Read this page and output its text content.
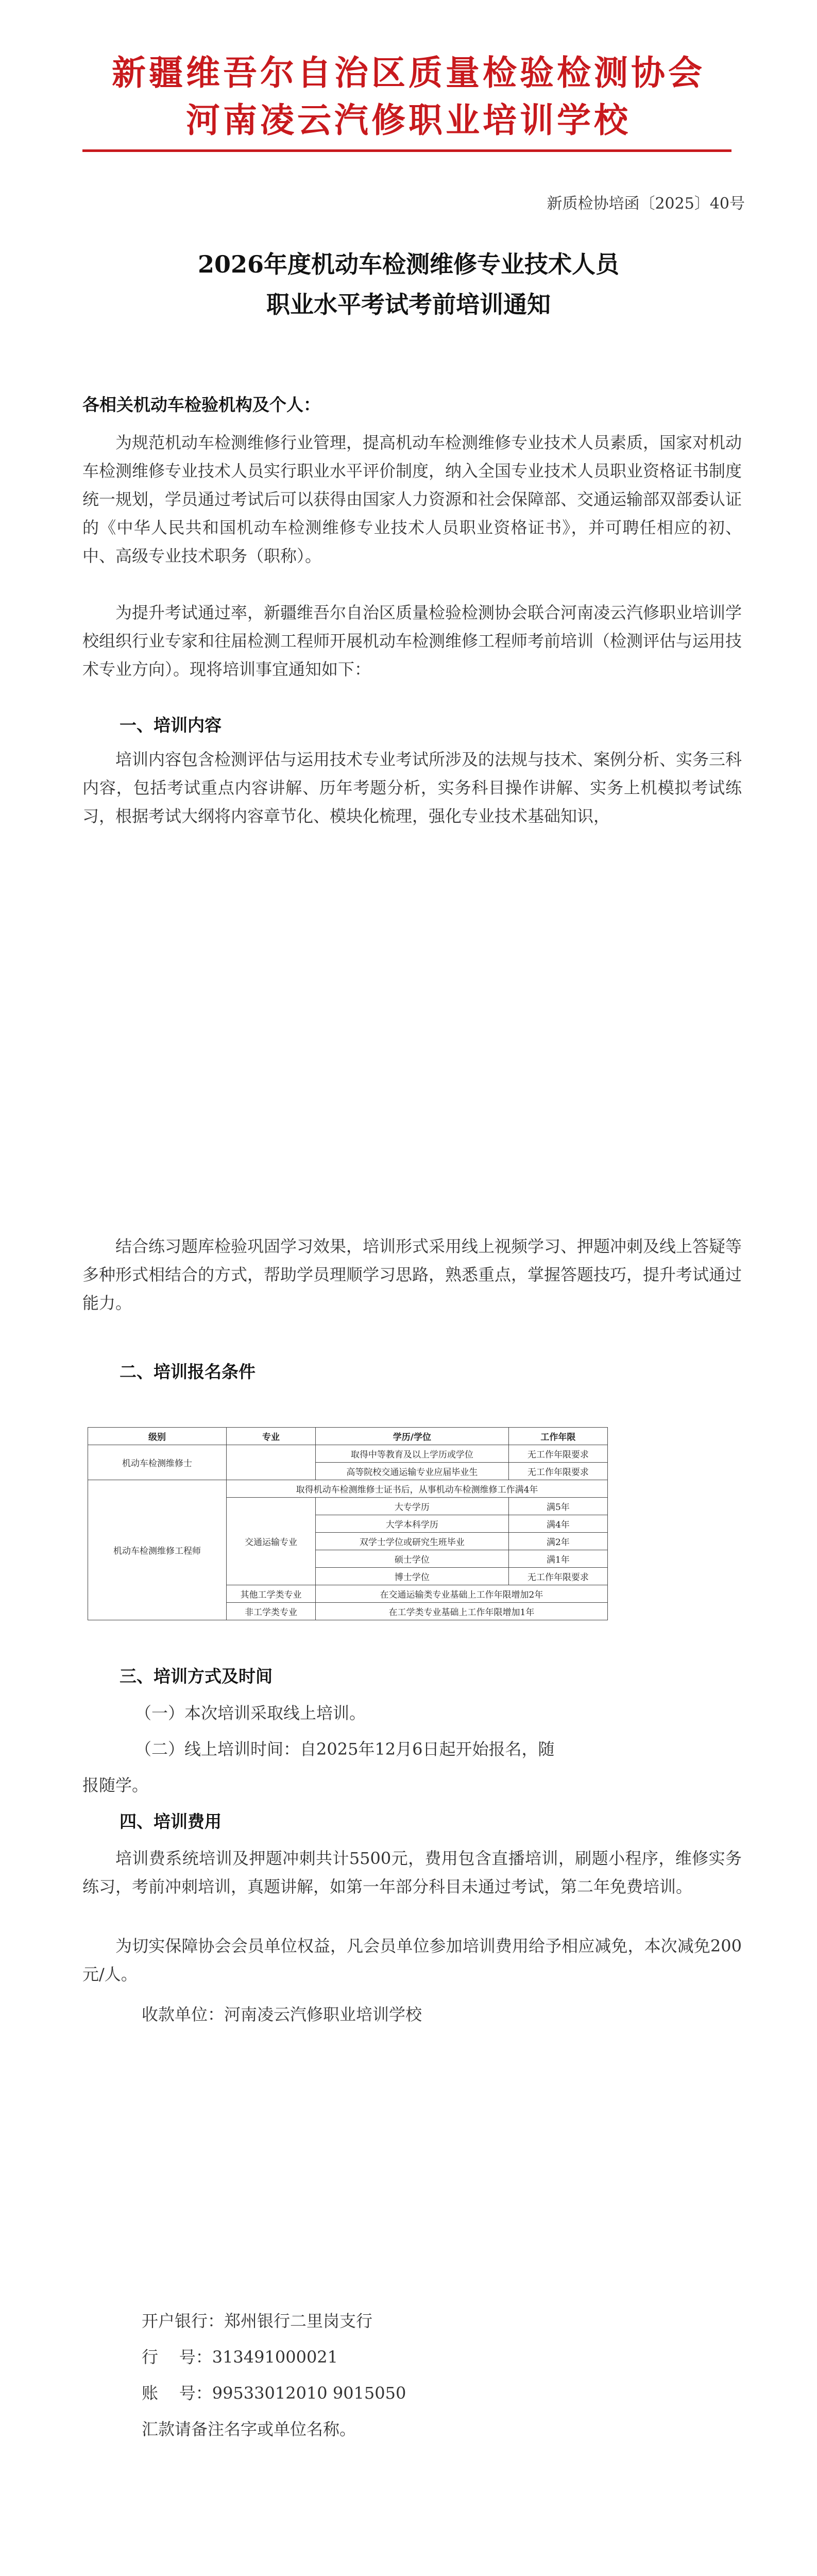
新疆维吾尔自治区质量检验检测协会
河南凌云汽修职业培训学校
新质检协培函〔2025〕40号
2026年度机动车检测维修专业技术人员
职业水平考试考前培训通知
各相关机动车检验机构及个人：
为规范机动车检测维修行业管理，提高机动车检测维修专业技术人员素质，国家对机动车检测维修专业技术人员实行职业水平评价制度，纳入全国专业技术人员职业资格证书制度统一规划，学员通过考试后可以获得由国家人力资源和社会保障部、交通运输部双部委认证的《中华人民共和国机动车检测维修专业技术人员职业资格证书》，并可聘任相应的初、中、高级专业技术职务（职称）。
为提升考试通过率，新疆维吾尔自治区质量检验检测协会联合河南凌云汽修职业培训学校组织行业专家和往届检测工程师开展机动车检测维修工程师考前培训（检测评估与运用技术专业方向）。现将培训事宜通知如下：
一、培训内容
培训内容包含检测评估与运用技术专业考试所涉及的法规与技术、案例分析、实务三科内容，包括考试重点内容讲解、历年考题分析，实务科目操作讲解、实务上机模拟考试练习，根据考试大纲将内容章节化、模块化梳理，强化专业技术基础知识，
结合练习题库检验巩固学习效果，培训形式采用线上视频学习、押题冲刺及线上答疑等多种形式相结合的方式，帮助学员理顺学习思路，熟悉重点，掌握答题技巧，提升考试通过能力。
二、培训报名条件
级别	专业	学历/学位	工作年限
机动车检测维修士		取得中等教育及以上学历或学位	无工作年限要求
		高等院校交通运输专业应届毕业生	无工作年限要求
机动车检测维修工程师	取得机动车检测维修士证书后，从事机动车检测维修工作满4年		
	交通运输专业	大专学历	满5年
		大学本科学历	满4年
		双学士学位或研究生班毕业	满2年
		硕士学位	满1年
		博士学位	无工作年限要求
	其他工学类专业	在交通运输类专业基础上工作年限增加2年	
	非工学类专业	在工学类专业基础上工作年限增加1年	
三、培训方式及时间
（一）本次培训采取线上培训。
（二）线上培训时间：自2025年12月6日起开始报名，随
报随学。
四、培训费用
培训费系统培训及押题冲刺共计5500元，费用包含直播培训，刷题小程序，维修实务练习，考前冲刺培训，真题讲解，如第一年部分科目未通过考试，第二年免费培训。
为切实保障协会会员单位权益，凡会员单位参加培训费用给予相应减免，本次减免200元/人。
收款单位：河南凌云汽修职业培训学校
开户银行：郑州银行二里岗支行
行    号：313491000021
账    号：99533012010 9015050
汇款请备注名字或单位名称。
